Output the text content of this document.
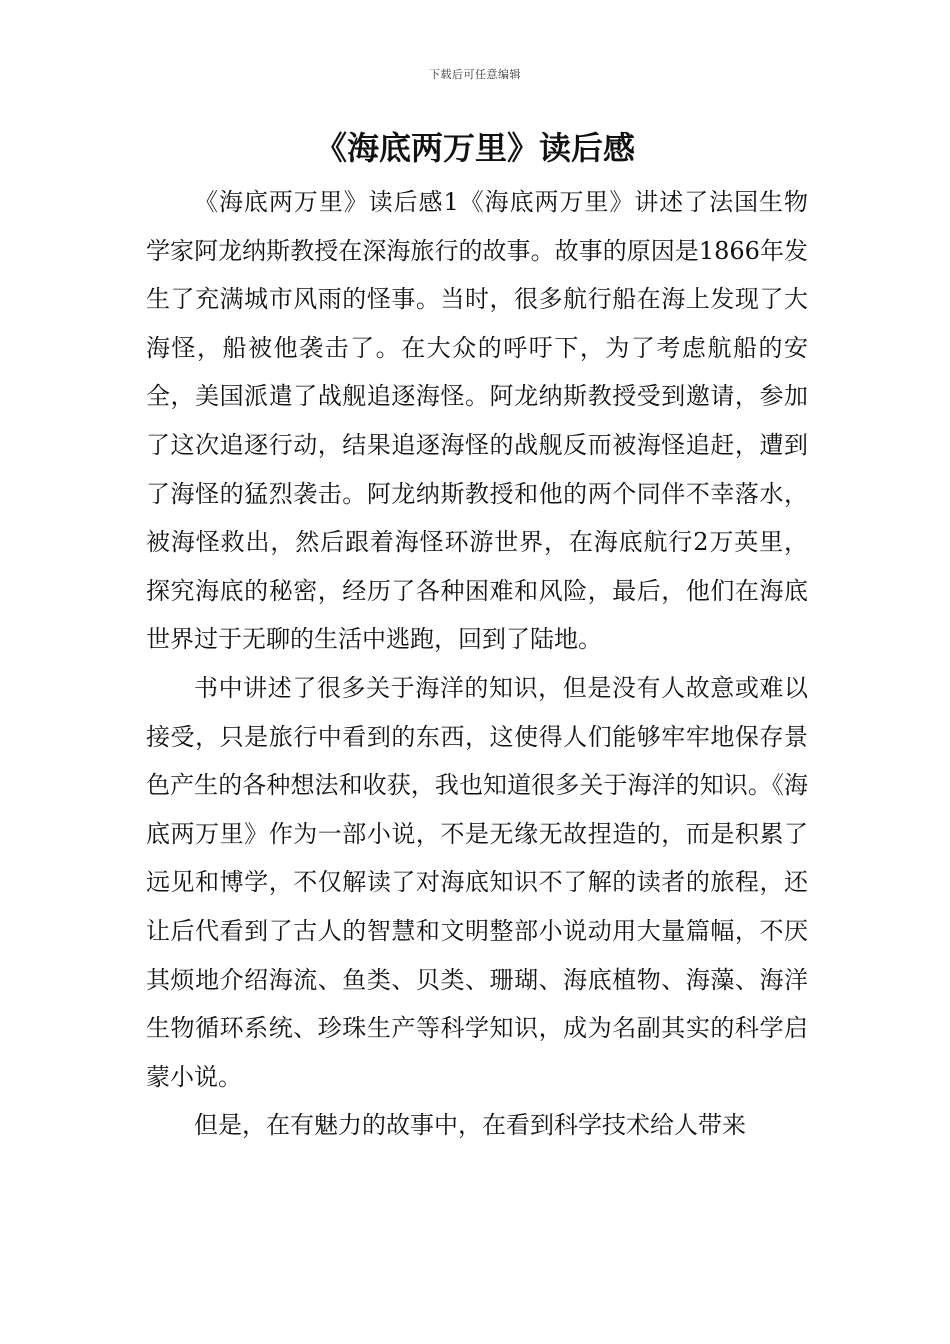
下载后可任意编辑
《海底两万里》读后感

《海底两万里》读后感1《海底两万里》讲述了法国生物学家阿龙纳斯教授在深海旅行的故事。故事的原因是1866年发生了充满城市风雨的怪事。当时，很多航行船在海上发现了大海怪，船被他袭击了。在大众的呼吁下，为了考虑航船的安全，美国派遣了战舰追逐海怪。阿龙纳斯教授受到邀请，参加了这次追逐行动，结果追逐海怪的战舰反而被海怪追赶，遭到了海怪的猛烈袭击。阿龙纳斯教授和他的两个同伴不幸落水，被海怪救出，然后跟着海怪环游世界，在海底航行2万英里，探究海底的秘密，经历了各种困难和风险，最后，他们在海底世界过于无聊的生活中逃跑，回到了陆地。

书中讲述了很多关于海洋的知识，但是没有人故意或难以接受，只是旅行中看到的东西，这使得人们能够牢牢地保存景色产生的各种想法和收获，我也知道很多关于海洋的知识。《海底两万里》作为一部小说，不是无缘无故捏造的，而是积累了远见和博学，不仅解读了对海底知识不了解的读者的旅程，还让后代看到了古人的智慧和文明整部小说动用大量篇幅，不厌其烦地介绍海流、鱼类、贝类、珊瑚、海底植物、海藻、海洋生物循环系统、珍珠生产等科学知识，成为名副其实的科学启蒙小说。

但是，在有魅力的故事中，在看到科学技术给人带来
